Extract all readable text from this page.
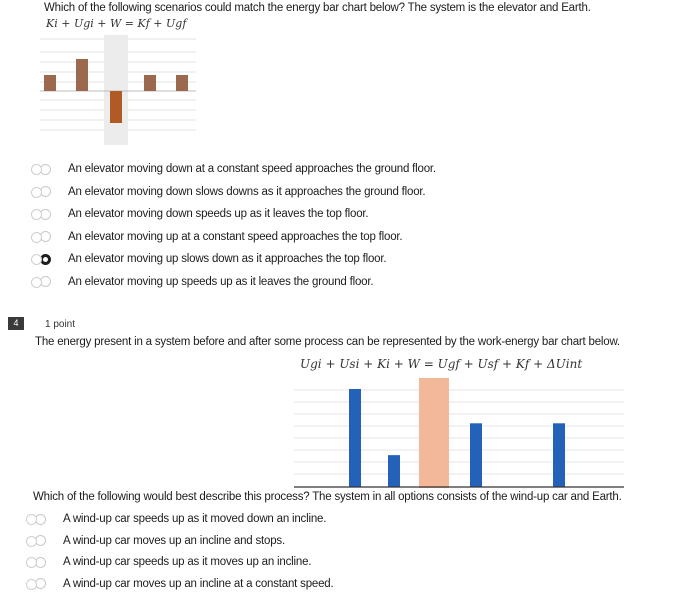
Which of the following scenarios could match the energy bar chart below? The system is the elevator and Earth.
Ki + Ugi + W = Kf + Ugf
An elevator moving down at a constant speed approaches the ground floor.
An elevator moving down slows downs as it approaches the ground floor.
An elevator moving down speeds up as it leaves the top floor.
An elevator moving up at a constant speed approaches the top floor.
An elevator moving up slows down as it approaches the top floor.
An elevator moving up speeds up as it leaves the ground floor.
4	1 point
The energy present in a system before and after some process can be represented by the work-energy bar chart below.
Ugi + Usi + Ki + W = Ugf + Usf + Kf + ΔUint
Which of the following would best describe this process? The system in all options consists of the wind-up car and Earth.
A wind-up car speeds up as it moved down an incline.
A wind-up car moves up an incline and stops.
A wind-up car speeds up as it moves up an incline.
A wind-up car moves up an incline at a constant speed.
